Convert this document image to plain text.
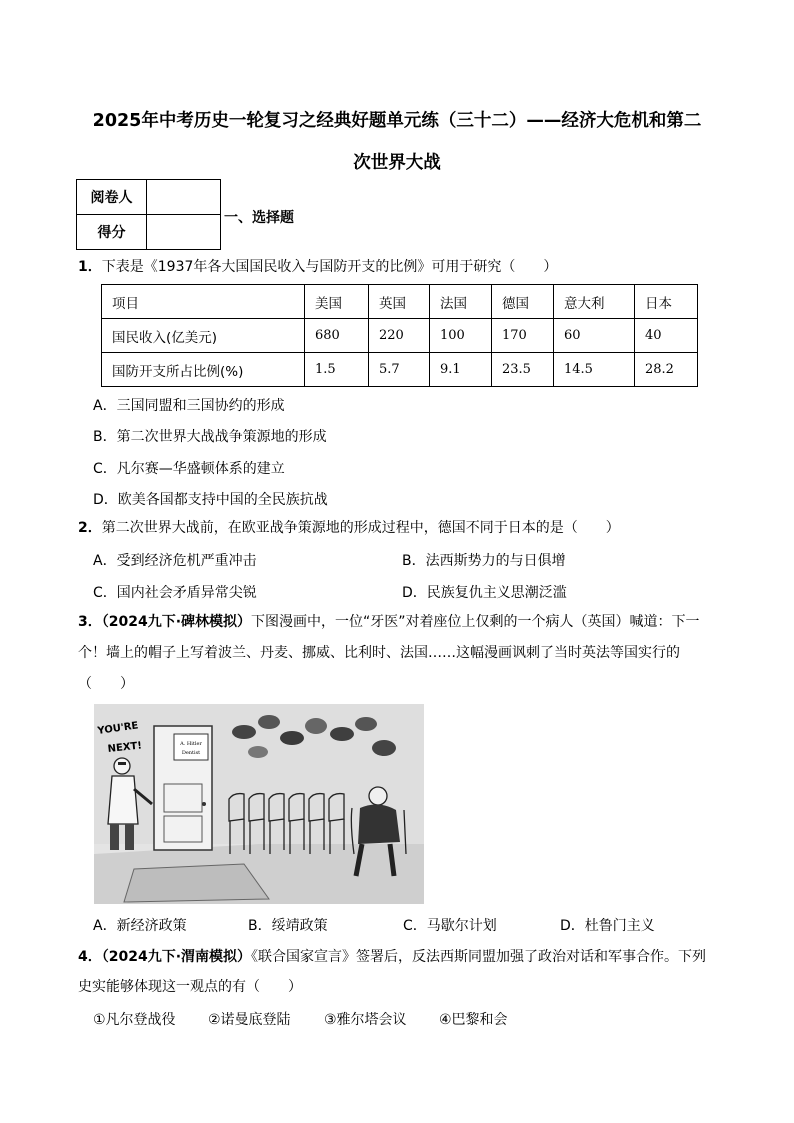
2025年中考历史一轮复习之经典好题单元练（三十二）——经济大危机和第二
次世界大战
阅卷人	
得分	
一、选择题
1．下表是《1937年各大国国民收入与国防开支的比例》可用于研究（　　）
项目	美国	英国	法国	德国	意大利	日本
国民收入(亿美元)	680	220	100	170	60	40
国防开支所占比例(%)	1.5	5.7	9.1	23.5	14.5	28.2
A．三国同盟和三国协约的形成
B．第二次世界大战战争策源地的形成
C．凡尔赛—华盛顿体系的建立
D．欧美各国都支持中国的全民族抗战
2．第二次世界大战前，在欧亚战争策源地的形成过程中，德国不同于日本的是（　　）
A．受到经济危机严重冲击	B．法西斯势力的与日俱增
C．国内社会矛盾异常尖锐	D．民族复仇主义思潮泛滥
3．（2024九下·碑林模拟）下图漫画中，一位“牙医”对着座位上仅剩的一个病人（英国）喊道：下一
个！墙上的帽子上写着波兰、丹麦、挪威、比利时、法国……这幅漫画讽刺了当时英法等国实行的
（　　）
A. Hitler
Dentist
YOU'RE
NEXT!
A．新经济政策	B．绥靖政策	C．马歇尔计划	D．杜鲁门主义
4．（2024九下·渭南模拟）《联合国家宣言》签署后，反法西斯同盟加强了政治对话和军事合作。下列
史实能够体现这一观点的有（　　）
①凡尔登战役 ②诺曼底登陆 ③雅尔塔会议 ④巴黎和会
